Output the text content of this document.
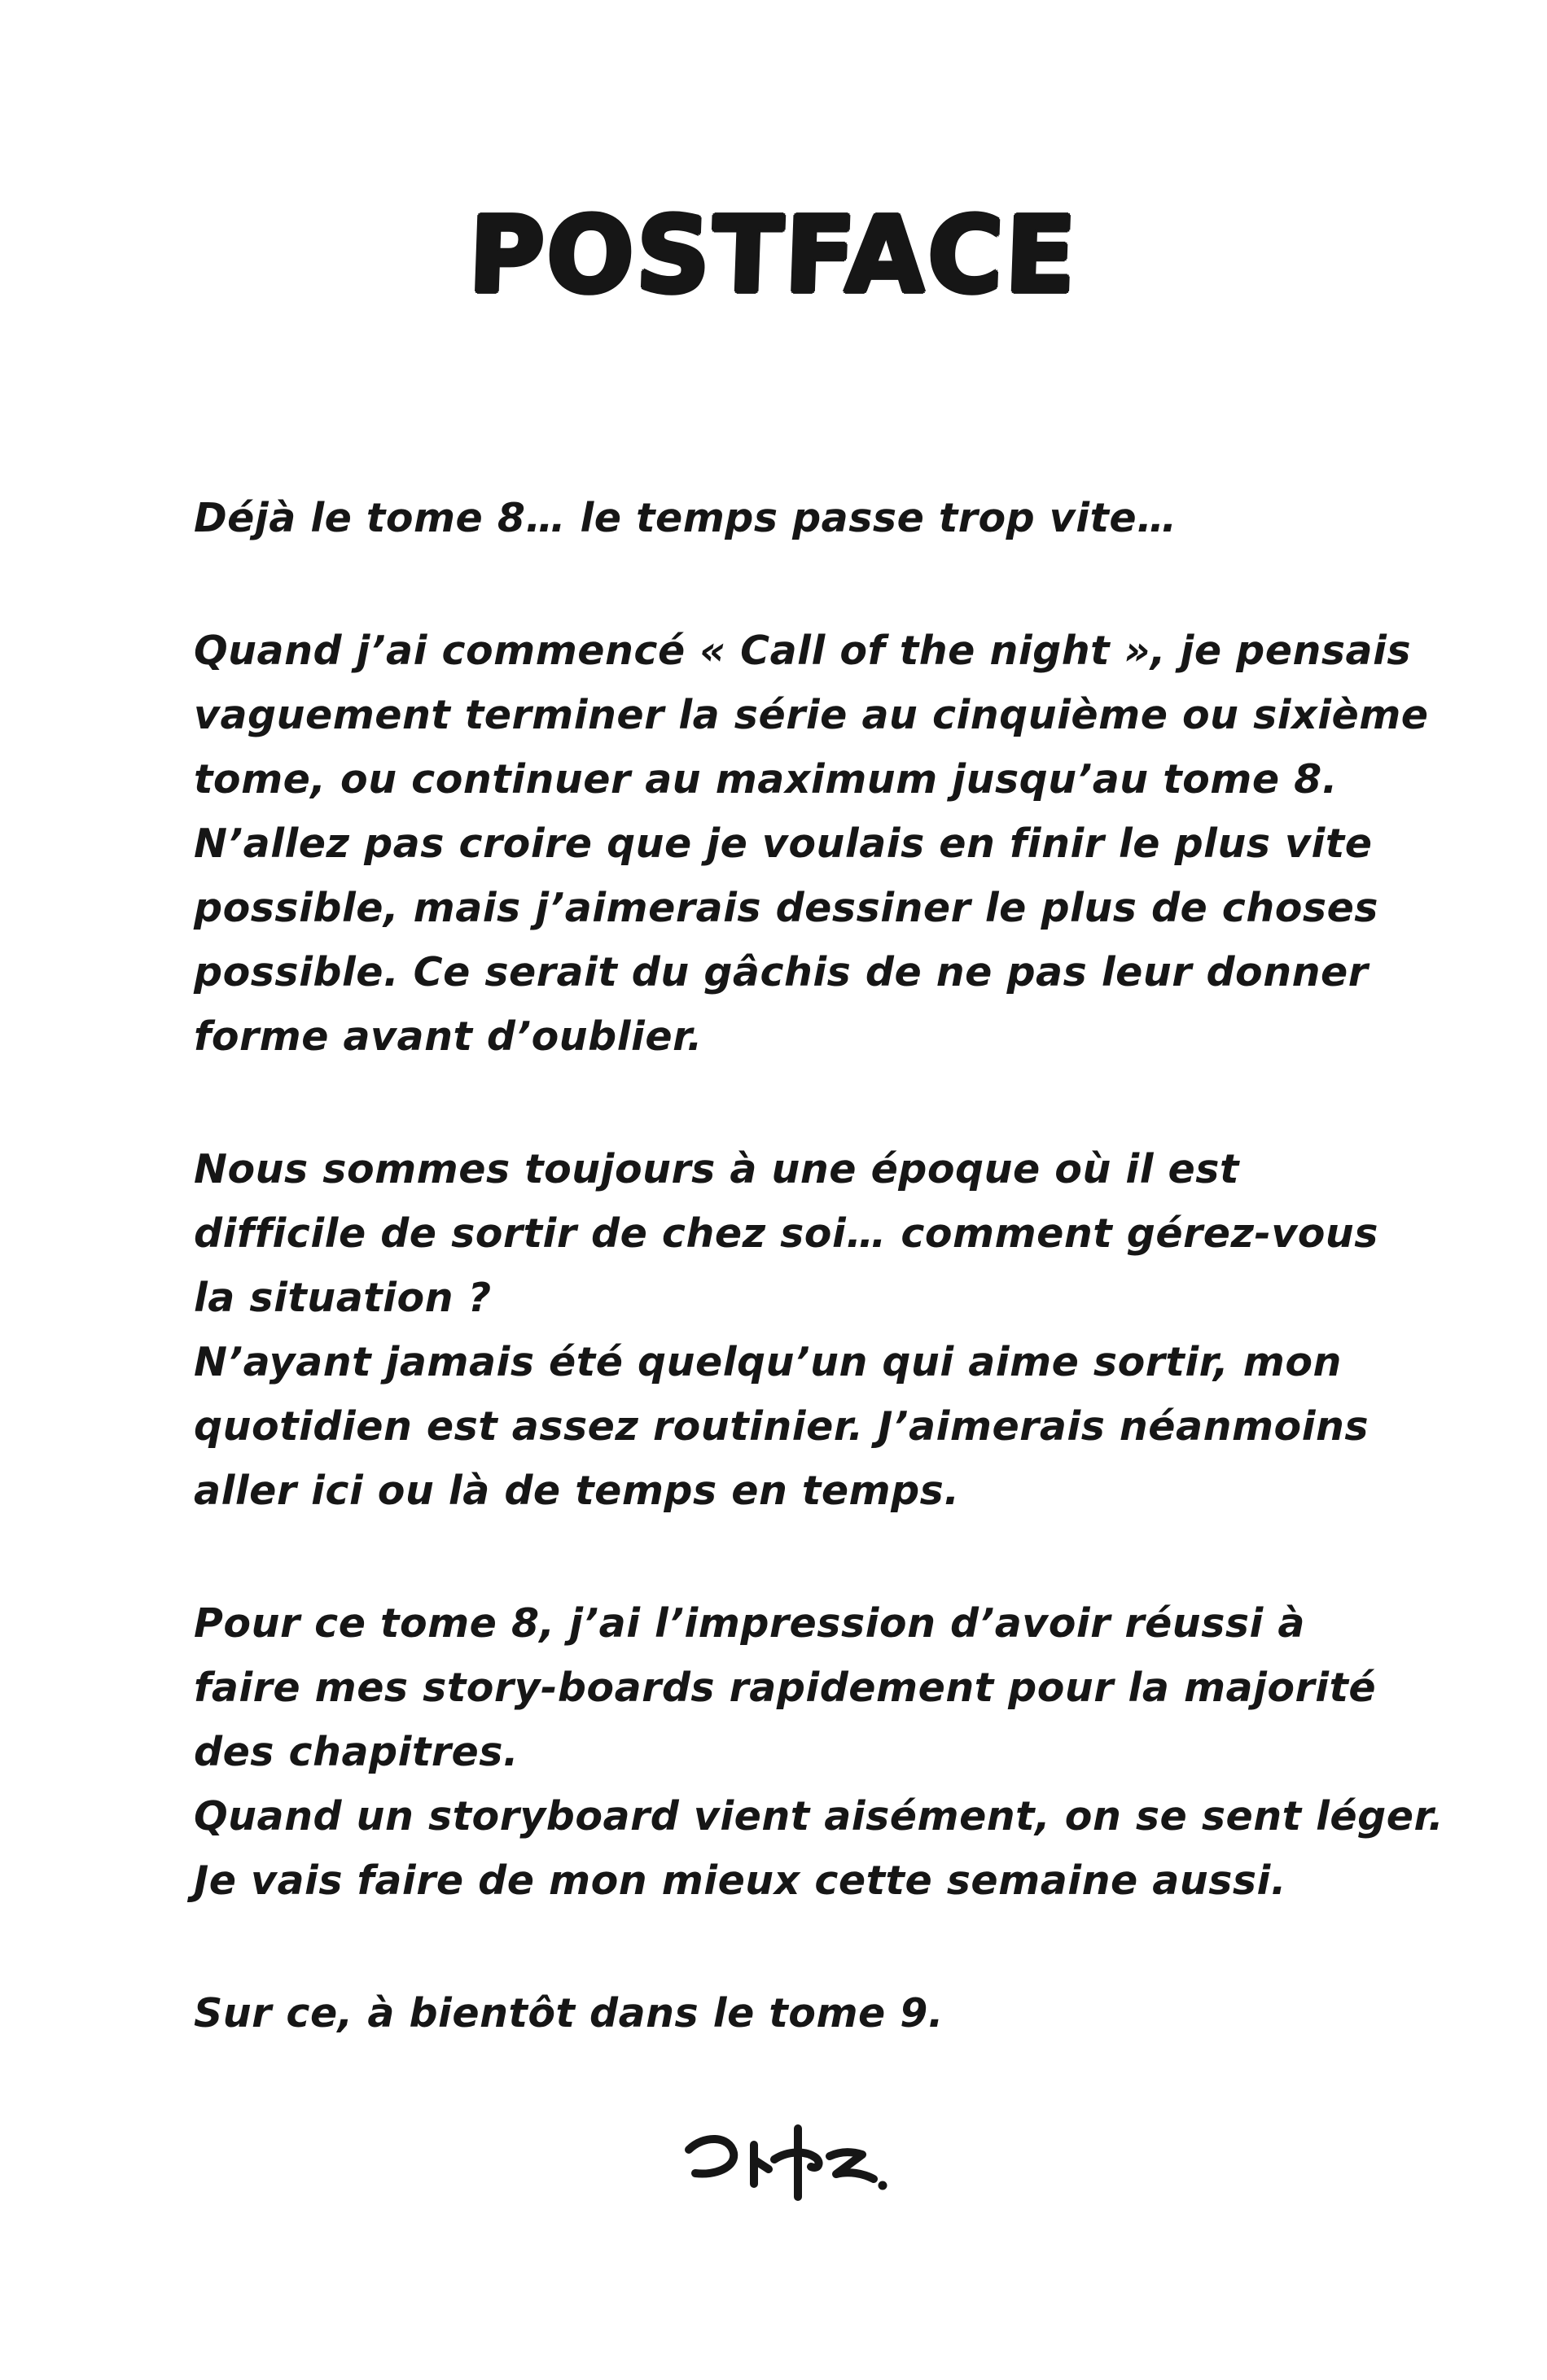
POSTFACE
Déjà le tome 8… le temps passe trop vite…
Quand j’ai commencé « Call of the night », je pensais
vaguement terminer la série au cinquième ou sixième
tome, ou continuer au maximum jusqu’au tome 8.
N’allez pas croire que je voulais en finir le plus vite
possible, mais j’aimerais dessiner le plus de choses
possible. Ce serait du gâchis de ne pas leur donner
forme avant d’oublier.
Nous sommes toujours à une époque où il est
difficile de sortir de chez soi… comment gérez-vous
la situation ?
N’ayant jamais été quelqu’un qui aime sortir, mon
quotidien est assez routinier. J’aimerais néanmoins
aller ici ou là de temps en temps.
Pour ce tome 8, j’ai l’impression d’avoir réussi à
faire mes story-boards rapidement pour la majorité
des chapitres.
Quand un storyboard vient aisément, on se sent léger.
Je vais faire de mon mieux cette semaine aussi.
Sur ce, à bientôt dans le tome 9.
